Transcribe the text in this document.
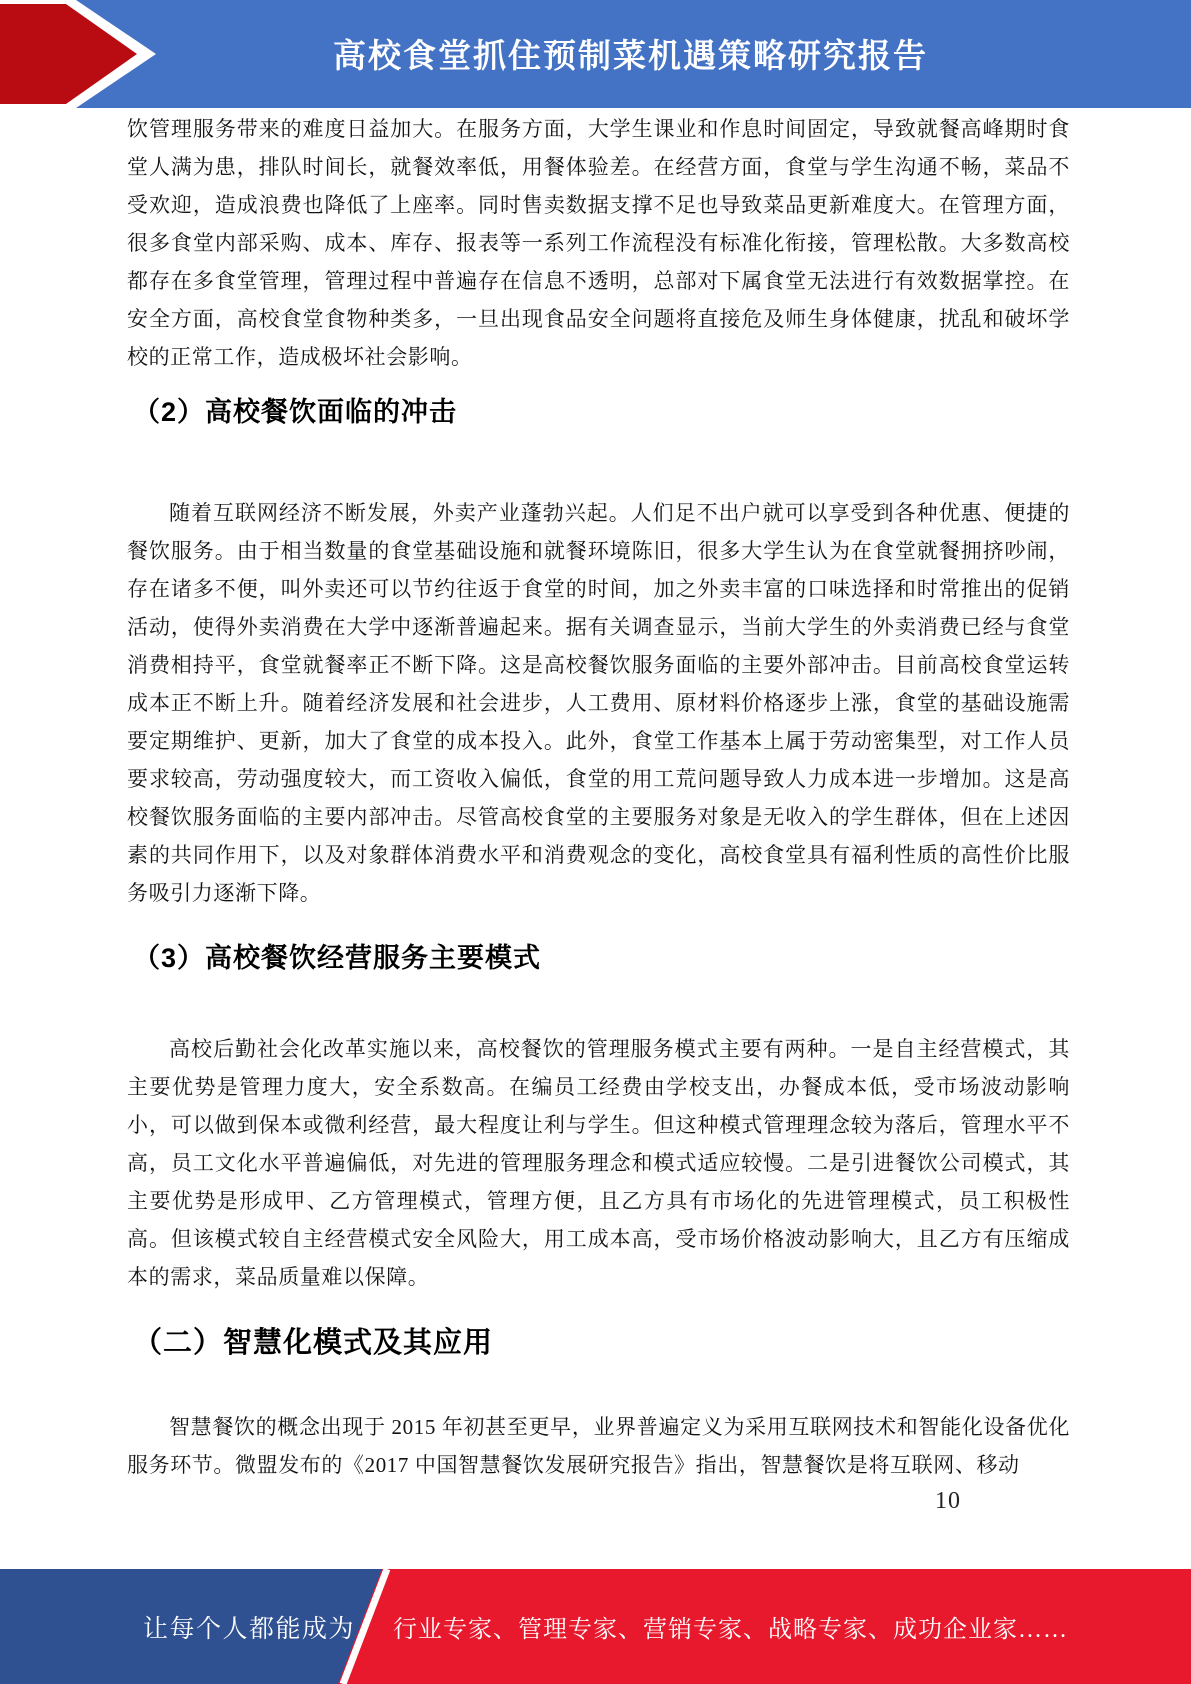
高校食堂抓住预制菜机遇策略研究报告

饮管理服务带来的难度日益加大。在服务方面，大学生课业和作息时间固定，导致就餐高峰期时食堂人满为患，排队时间长，就餐效率低，用餐体验差。在经营方面，食堂与学生沟通不畅，菜品不受欢迎，造成浪费也降低了上座率。同时售卖数据支撑不足也导致菜品更新难度大。在管理方面，很多食堂内部采购、成本、库存、报表等一系列工作流程没有标准化衔接，管理松散。大多数高校都存在多食堂管理，管理过程中普遍存在信息不透明，总部对下属食堂无法进行有效数据掌控。在安全方面，高校食堂食物种类多，一旦出现食品安全问题将直接危及师生身体健康，扰乱和破坏学校的正常工作，造成极坏社会影响。

（2）高校餐饮面临的冲击

随着互联网经济不断发展，外卖产业蓬勃兴起。人们足不出户就可以享受到各种优惠、便捷的餐饮服务。由于相当数量的食堂基础设施和就餐环境陈旧，很多大学生认为在食堂就餐拥挤吵闹，存在诸多不便，叫外卖还可以节约往返于食堂的时间，加之外卖丰富的口味选择和时常推出的促销活动，使得外卖消费在大学中逐渐普遍起来。据有关调查显示，当前大学生的外卖消费已经与食堂消费相持平，食堂就餐率正不断下降。这是高校餐饮服务面临的主要外部冲击。目前高校食堂运转成本正不断上升。随着经济发展和社会进步，人工费用、原材料价格逐步上涨，食堂的基础设施需要定期维护、更新，加大了食堂的成本投入。此外，食堂工作基本上属于劳动密集型，对工作人员要求较高，劳动强度较大，而工资收入偏低，食堂的用工荒问题导致人力成本进一步增加。这是高校餐饮服务面临的主要内部冲击。尽管高校食堂的主要服务对象是无收入的学生群体，但在上述因素的共同作用下，以及对象群体消费水平和消费观念的变化，高校食堂具有福利性质的高性价比服务吸引力逐渐下降。

（3）高校餐饮经营服务主要模式

高校后勤社会化改革实施以来，高校餐饮的管理服务模式主要有两种。一是自主经营模式，其主要优势是管理力度大，安全系数高。在编员工经费由学校支出，办餐成本低，受市场波动影响小，可以做到保本或微利经营，最大程度让利与学生。但这种模式管理理念较为落后，管理水平不高，员工文化水平普遍偏低，对先进的管理服务理念和模式适应较慢。二是引进餐饮公司模式，其主要优势是形成甲、乙方管理模式，管理方便，且乙方具有市场化的先进管理模式，员工积极性高。但该模式较自主经营模式安全风险大，用工成本高，受市场价格波动影响大，且乙方有压缩成本的需求，菜品质量难以保障。

（二）智慧化模式及其应用

智慧餐饮的概念出现于 2015 年初甚至更早，业界普遍定义为采用互联网技术和智能化设备优化服务环节。微盟发布的《2017 中国智慧餐饮发展研究报告》指出，智慧餐饮是将互联网、移动

10
让每个人都能成为 行业专家、管理专家、营销专家、战略专家、成功企业家……
